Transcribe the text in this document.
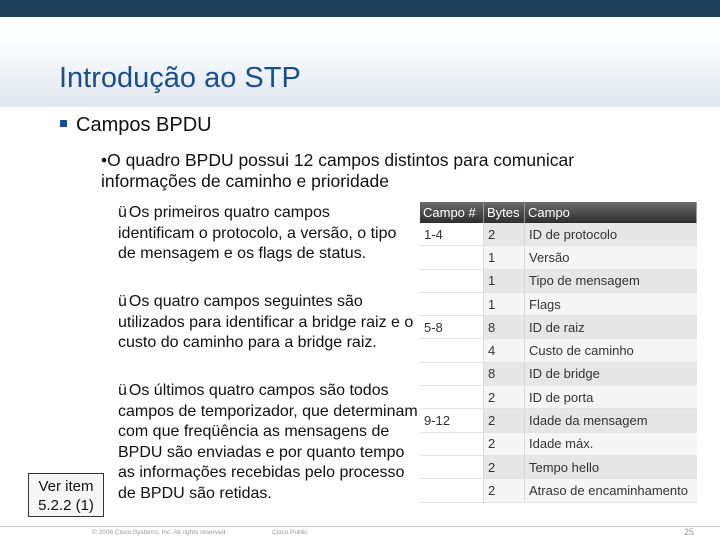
Introdução ao STP
Campos BPDU
•O quadro BPDU possui 12 campos distintos para comunicar informações de caminho e prioridade
ü Os primeiros quatro campos identificam o protocolo, a versão, o tipo de mensagem e os flags de status.
ü Os quatro campos seguintes são utilizados para identificar a bridge raiz e o custo do caminho para a bridge raiz.
ü Os últimos quatro campos são todos campos de temporizador, que determinam com que freqüência as mensagens de BPDU são enviadas e por quanto tempo as informações recebidas pelo processo de BPDU são retidas.
Ver item
5.2.2 (1)
Campo #	Bytes	Campo
1-4	2	ID de protocolo
	1	Versão
	1	Tipo de mensagem
	1	Flags
5-8	8	ID de raiz
	4	Custo de caminho
	8	ID de bridge
	2	ID de porta
9-12	2	Idade da mensagem
	2	Idade máx.
	2	Tempo hello
	2	Atraso de encaminhamento
© 2006 Cisco Systems, Inc. All rights reserved.	Cisco Public	25
